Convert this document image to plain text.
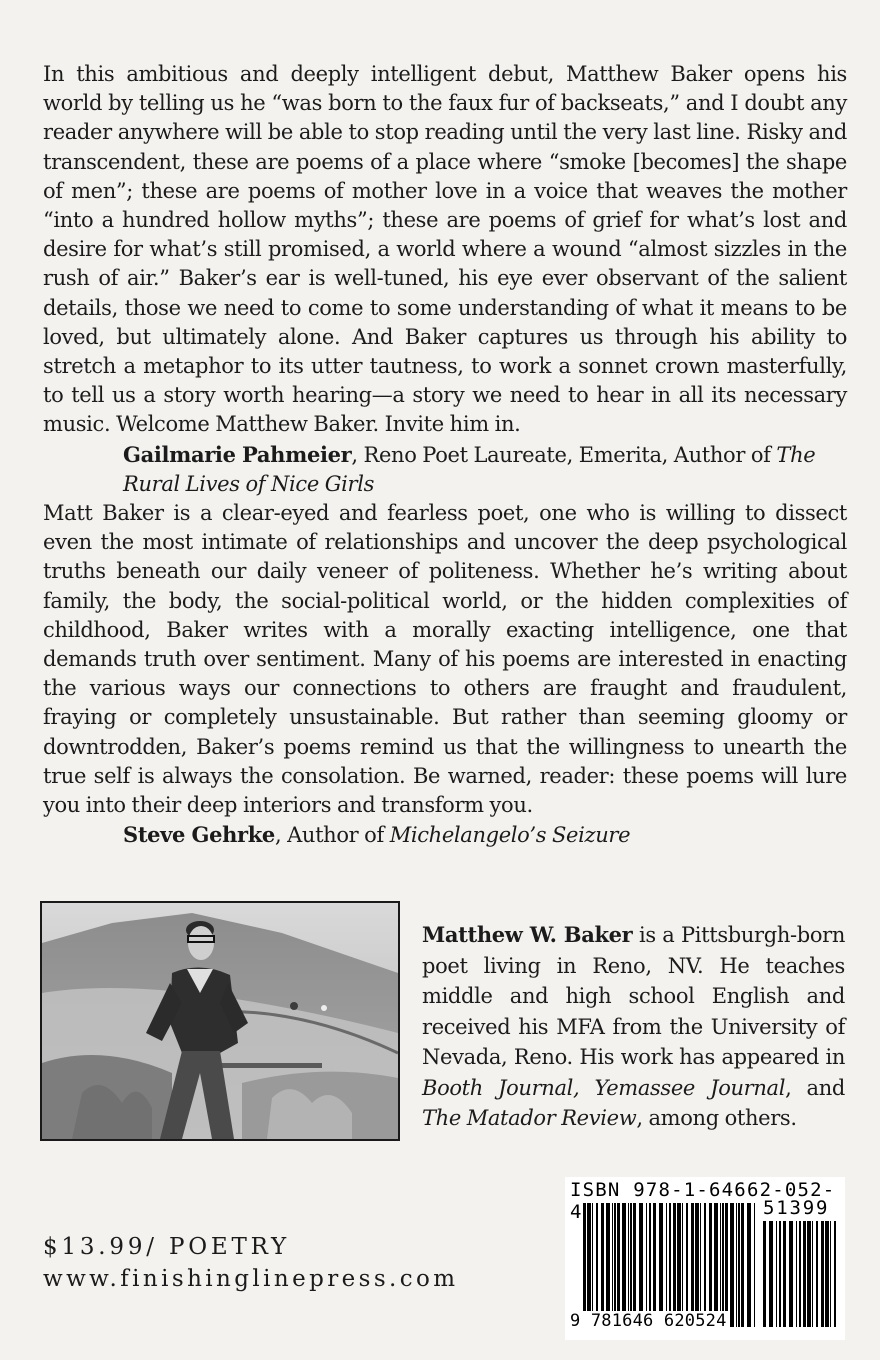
In this ambitious and deeply intelligent debut, Matthew Baker opens his world by telling us he “was born to the faux fur of backseats,” and I doubt any reader anywhere will be able to stop reading until the very last line. Risky and transcendent, these are poems of a place where “smoke [becomes] the shape of men”; these are poems of mother love in a voice that weaves the mother “into a hundred hollow myths”; these are poems of grief for what’s lost and desire for what’s still promised, a world where a wound “almost sizzles in the rush of air.” Baker’s ear is well-tuned, his eye ever observant of the salient details, those we need to come to some understanding of what it means to be loved, but ultimately alone. And Baker captures us through his ability to stretch a metaphor to its utter tautness, to work a sonnet crown masterfully, to tell us a story worth hearing—a story we need to hear in all its necessary music. Welcome Matthew Baker. Invite him in.

Gailmarie Pahmeier, Reno Poet Laureate, Emerita, Author of The Rural Lives of Nice Girls

Matt Baker is a clear-eyed and fearless poet, one who is willing to dissect even the most intimate of relationships and uncover the deep psychological truths beneath our daily veneer of politeness. Whether he’s writing about family, the body, the social-political world, or the hidden complexities of childhood, Baker writes with a morally exacting intelligence, one that demands truth over sentiment. Many of his poems are interested in enacting the various ways our connections to others are fraught and fraudulent, fraying or completely unsustainable. But rather than seeming gloomy or downtrodden, Baker’s poems remind us that the willingness to unearth the true self is always the consolation. Be warned, reader: these poems will lure you into their deep interiors and transform you.

Steve Gehrke, Author of Michelangelo’s Seizure

Matthew W. Baker is a Pittsburgh-born poet living in Reno, NV. He teaches middle and high school English and received his MFA from the University of Nevada, Reno. His work has appeared in Booth Journal, Yemassee Journal, and The Matador Review, among others.

$13.99/ POETRY
www.finishinglinepress.com
ISBN 978-1-64662-052-4	51399
9 781646 620524
